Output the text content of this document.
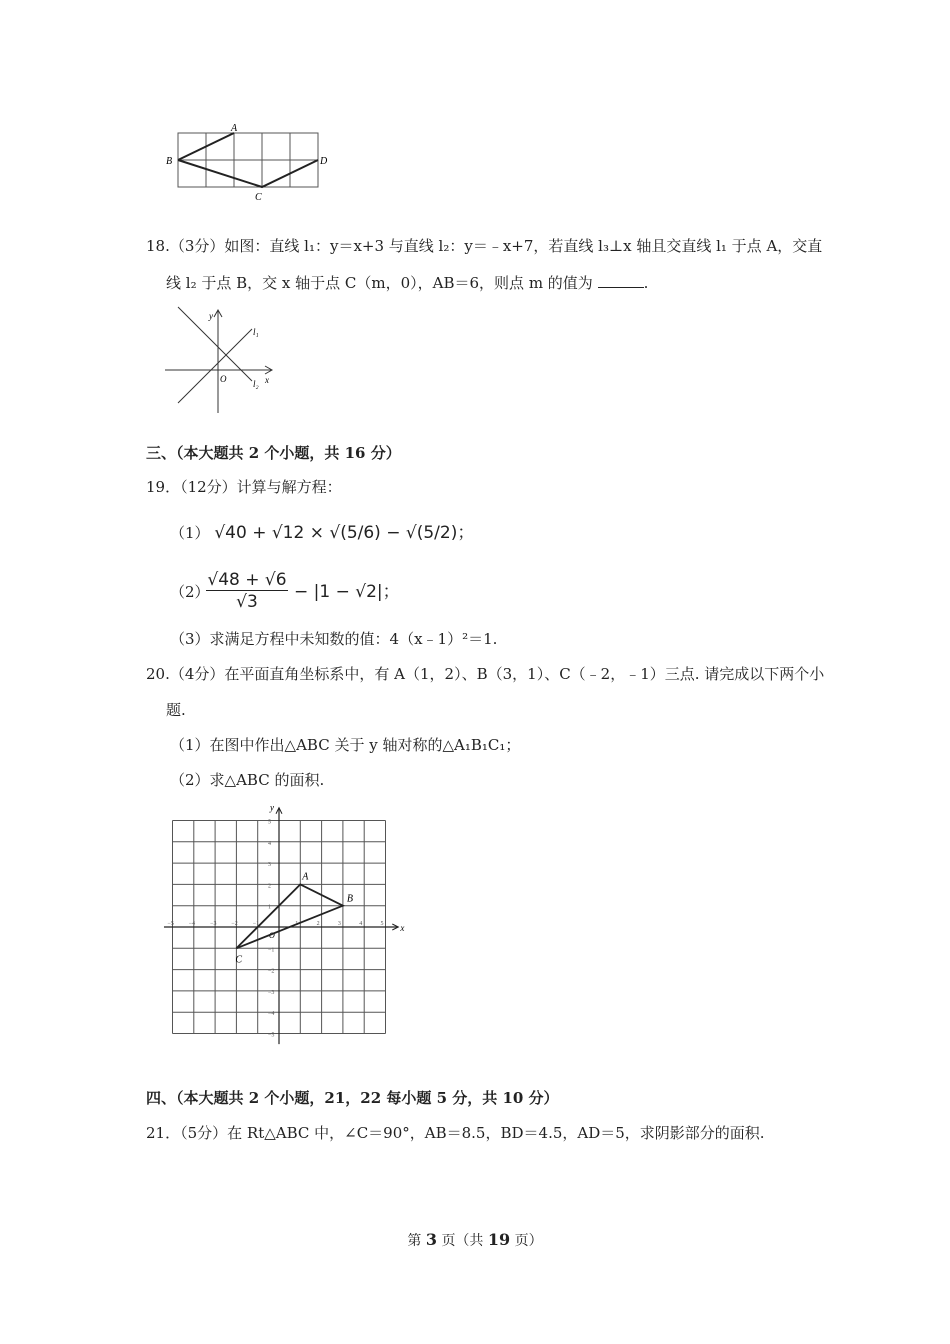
A
B
C
D
18.（3分）如图：直线 l₁：y＝x+3 与直线 l₂：y＝﹣x+7，若直线 l₃⊥x 轴且交直线 l₁ 于点 A，交直
线 l₂ 于点 B，交 x 轴于点 C（m，0），AB＝6，则点 m 的值为	.
y
x
O
l₁
l₂
三、（本大题共 2 个小题，共 16 分）
19．（12分）计算与解方程：
（1） √40 + √12 × √(5/6) − √(5/2)；
（2）
$\frac{√48 + √6}{√3} - |1 - √2|$；
（3）求满足方程中未知数的值：4（x﹣1）²＝1.
20.（4分）在平面直角坐标系中，有 A（1，2）、B（3，1）、C（﹣2，﹣1）三点. 请完成以下两个小
题.
（1）在图中作出△ABC 关于 y 轴对称的△A₁B₁C₁；
（2）求△ABC 的面积.
x
y
O
−5 −4 −3 −2 −1	1	2	3	4	5
5
4
3
2
1
−1
−2
−3
−4
−5
A
B
C
四、（本大题共 2 个小题，21，22 每小题 5 分，共 10 分）
21．（5分）在 Rt△ABC 中，∠C＝90°，AB＝8.5，BD＝4.5，AD＝5，求阴影部分的面积.
第 3 页（共 19 页）
